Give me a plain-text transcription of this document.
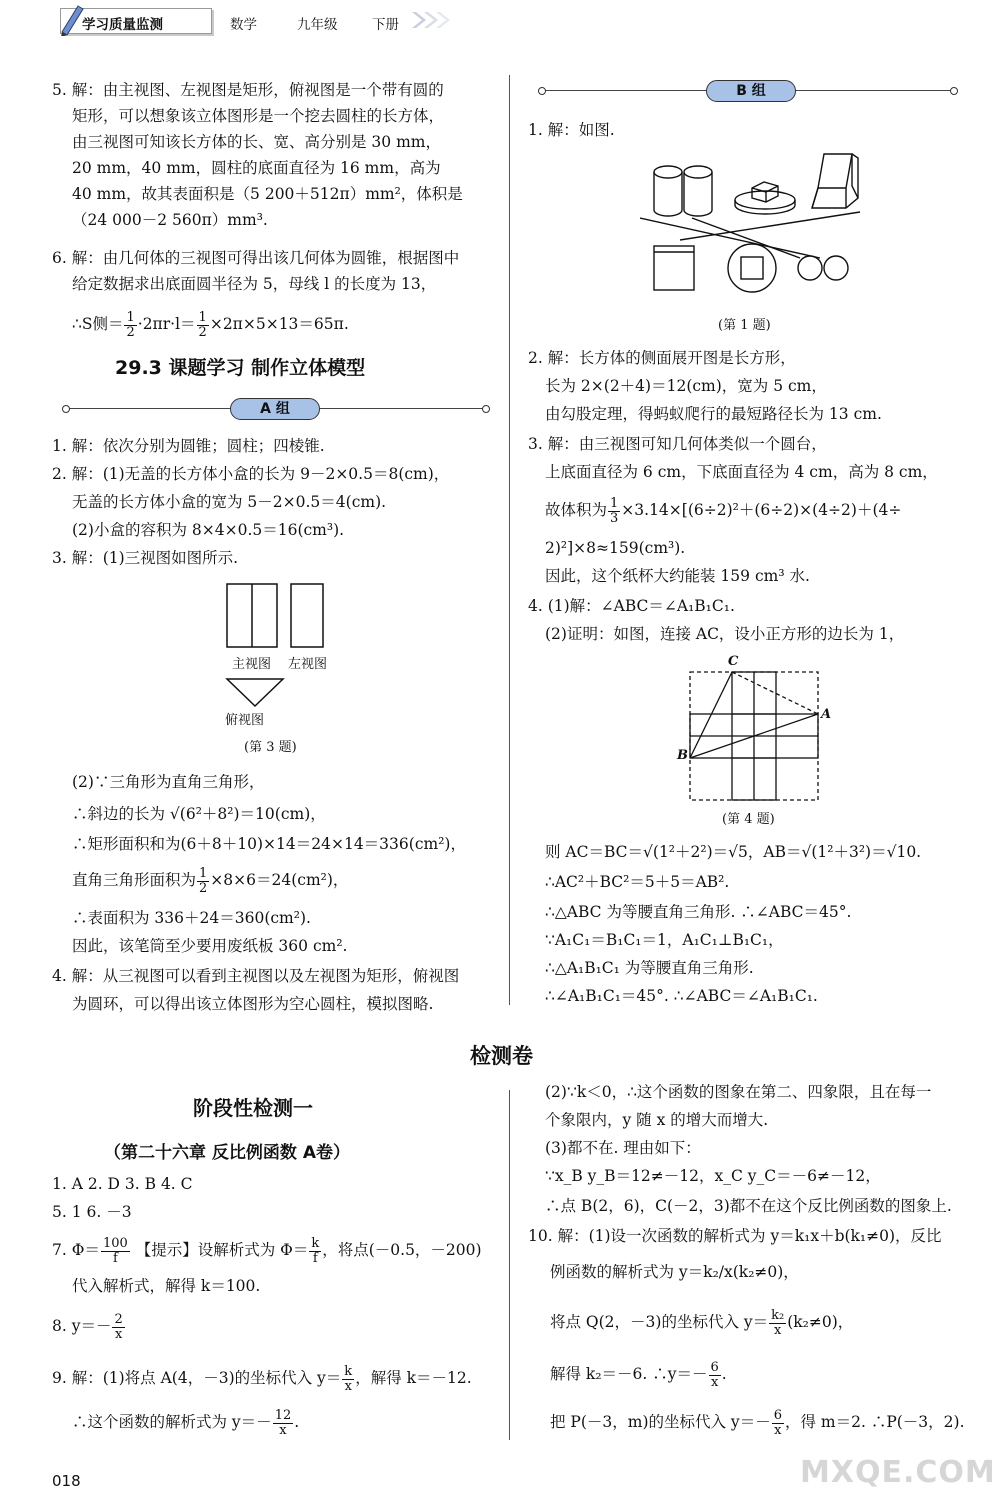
学习质量监测	数学	九年级	下册
5. 解：由主视图、左视图是矩形，俯视图是一个带有圆的
矩形，可以想象该立体图形是一个挖去圆柱的长方体，
由三视图可知该长方体的长、宽、高分别是 30 mm，
20 mm，40 mm，圆柱的底面直径为 16 mm，高为
40 mm，故其表面积是（5 200＋512π）mm²，体积是
（24 000－2 560π）mm³.
6. 解：由几何体的三视图可得出该几何体为圆锥，根据图中
给定数据求出底面圆半径为 5，母线 l 的长度为 13，
∴S侧＝ $\frac{1}{2} \cdot 2\pi r\cdot l= \frac{1}{2} \times 2\pi\times 5\times 13=65\pi$.
29.3 课题学习 制作立体模型
A 组
1. 解：依次分别为圆锥；圆柱；四棱锥.
2. 解：(1)无盖的长方体小盒的长为 9－2×0.5＝8(cm)，
无盖的长方体小盒的宽为 5－2×0.5＝4(cm).
(2)小盒的容积为 8×4×0.5＝16(cm³).
3. 解：(1)三视图如图所示.
主视图 左视图
俯视图
(第 3 题)
(2)∵三角形为直角三角形，
∴斜边的长为 √(6²＋8²)＝10(cm)，
∴矩形面积和为(6＋8＋10)×14＝24×14＝336(cm²)，
直角三角形面积为 $\frac{1}{2} \times 8\times 6=24(cm^2)$，
∴表面积为 336＋24＝360(cm²).
因此，该笔筒至少要用废纸板 360 cm².
4. 解：从三视图可以看到主视图以及左视图为矩形，俯视图
为圆环，可以得出该立体图形为空心圆柱，模拟图略.
B 组
1. 解：如图.
(第 1 题)
2. 解：长方体的侧面展开图是长方形，
长为 2×(2＋4)＝12(cm)，宽为 5 cm，
由勾股定理，得蚂蚁爬行的最短路径长为 13 cm.
3. 解：由三视图可知几何体类似一个圆台，
上底面直径为 6 cm，下底面直径为 4 cm，高为 8 cm，
故体积为 $\frac{1}{3} \times 3.14\times[(6\div 2)^2+(6\div 2)\times(4\div 2)+(4\div$
2)²]×8≈159(cm³).
因此，这个纸杯大约能装 159 cm³ 水.
4. (1)解：∠ABC＝∠A₁B₁C₁.
(2)证明：如图，连接 AC，设小正方形的边长为 1，
C
A
B
(第 4 题)
则 AC＝BC＝√(1²＋2²)＝√5，AB＝√(1²＋3²)＝√10.
∴AC²＋BC²＝5＋5＝AB².
∴△ABC 为等腰直角三角形. ∴∠ABC＝45°.
∵A₁C₁＝B₁C₁＝1，A₁C₁⊥B₁C₁，
∴△A₁B₁C₁ 为等腰直角三角形.
∴∠A₁B₁C₁＝45°. ∴∠ABC＝∠A₁B₁C₁.
检测卷
阶段性检测一
（第二十六章 反比例函数 A卷）
1. A 2. D 3. B 4. C
5. 1 6. －3
7. $\Phi= \frac{100}{f}$ 【提示】设解析式为 $\Phi= \frac{k}{f}$ ，将点(－0.5，－200)
代入解析式，解得 k＝100.
8. $y=- \frac{2}{x}$
9. 解：(1)将点 A(4，－3)的坐标代入 $y= \frac{k}{x}$ ，解得 k＝－12.
∴这个函数的解析式为 $y=- \frac{12}{x}$ .
(2)∵k＜0，∴这个函数的图象在第二、四象限，且在每一
个象限内，y 随 x 的增大而增大.
(3)都不在. 理由如下：
∵x_B y_B＝12≠－12，x_C y_C＝－6≠－12，
∴点 B(2，6)，C(－2，3)都不在这个反比例函数的图象上.
10. 解：(1)设一次函数的解析式为 y＝k₁x＋b(k₁≠0)，反比
例函数的解析式为 y＝k₂/x(k₂≠0)，
将点 Q(2，－3)的坐标代入 $y= \frac{\text{k₂}}{x} (k_2\ne 0)$，
解得 k₂＝－6. ∴y＝－ $\frac{6}{x}$ .
把 P(－3，m)的坐标代入 $y=- \frac{6}{x}$ ，得 m＝2. ∴P(－3，2).
018	MXQE.COM
